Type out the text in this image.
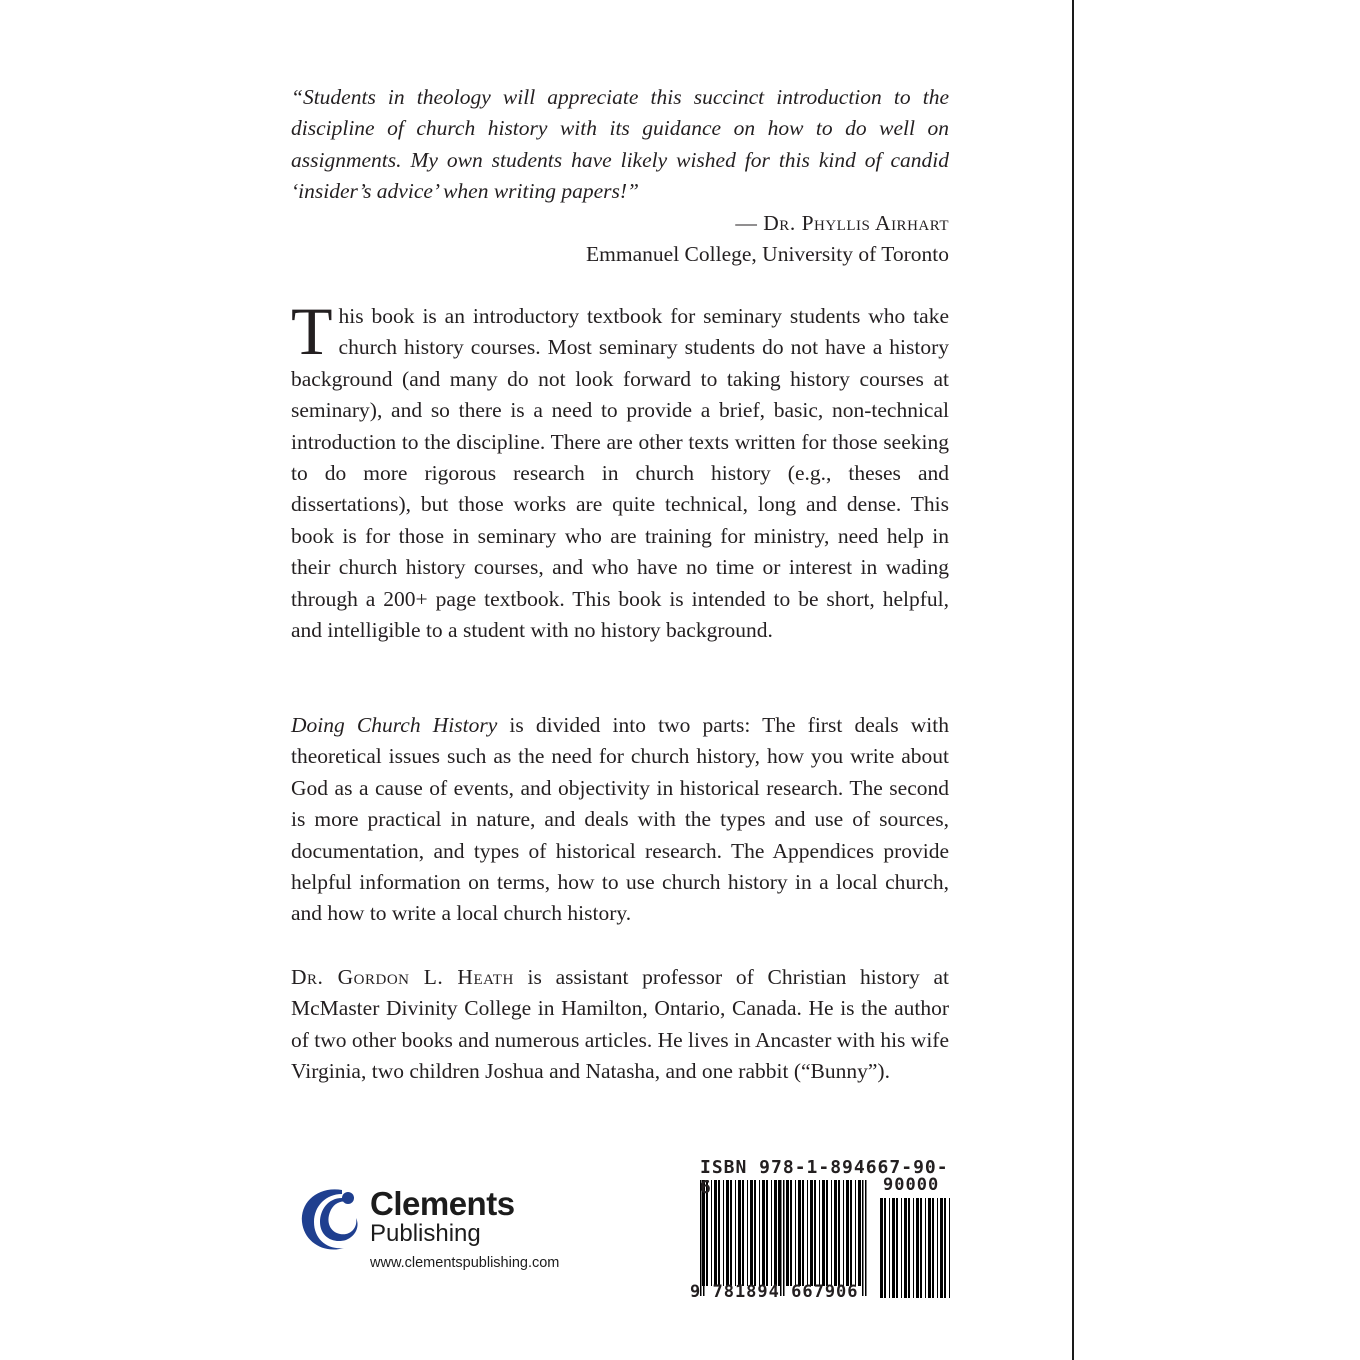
“Students in theology will appreciate this succinct introduction to the discipline of church history with its guidance on how to do well on assignments. My own students have likely wished for this kind of candid ‘insider’s advice’ when writing papers!”

— Dr. Phyllis Airhart
Emmanuel College, University of Toronto

This book is an introductory textbook for seminary students who take church history courses. Most seminary students do not have a history background (and many do not look forward to taking history courses at seminary), and so there is a need to provide a brief, basic, non-technical introduction to the discipline. There are other texts written for those seeking to do more rigorous research in church history (e.g., theses and dissertations), but those works are quite technical, long and dense. This book is for those in seminary who are training for ministry, need help in their church history courses, and who have no time or interest in wading through a 200+ page textbook. This book is intended to be short, helpful, and intelligible to a student with no history background.

Doing Church History is divided into two parts: The first deals with theoretical issues such as the need for church history, how you write about God as a cause of events, and objectivity in historical research. The second is more practical in nature, and deals with the types and use of sources, documentation, and types of historical research. The Appendices provide helpful information on terms, how to use church history in a local church, and how to write a local church history.

Dr. Gordon L. Heath is assistant professor of Christian history at McMaster Divinity College in Hamilton, Ontario, Canada. He is the author of two other books and numerous articles. He lives in Ancaster with his wife Virginia, two children Joshua and Natasha, and one rabbit (“Bunny”).

Clements
Publishing
www.clementspublishing.com
ISBN 978-1-894667-90-6	90000
9 781894 667906
